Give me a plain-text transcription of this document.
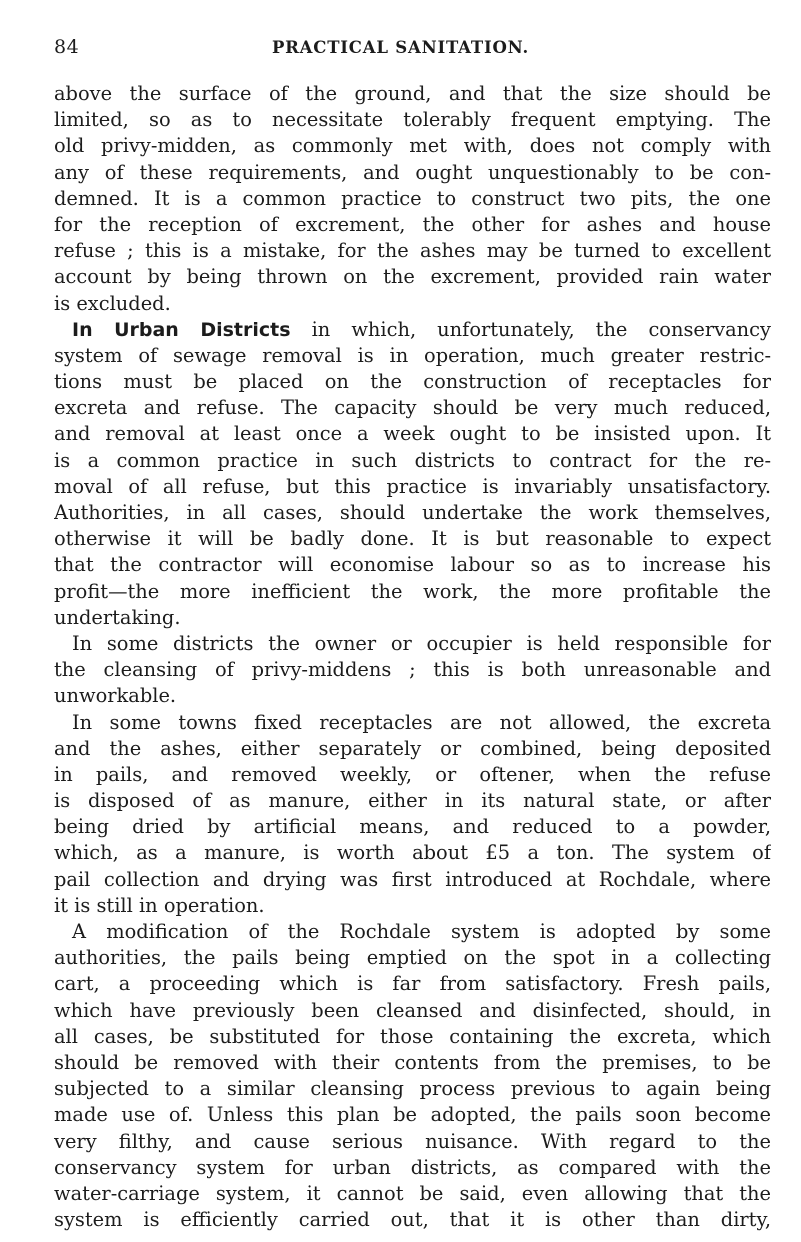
84	PRACTICAL SANITATION.
above the surface of the ground, and that the size should be
limited, so as to necessitate tolerably frequent emptying. The
old privy-midden, as commonly met with, does not comply with
any of these requirements, and ought unquestionably to be con-
demned. It is a common practice to construct two pits, the one
for the reception of excrement, the other for ashes and house
refuse ; this is a mistake, for the ashes may be turned to excellent
account by being thrown on the excrement, provided rain water
is excluded.
In Urban Districts in which, unfortunately, the conservancy
system of sewage removal is in operation, much greater restric-
tions must be placed on the construction of receptacles for
excreta and refuse. The capacity should be very much reduced,
and removal at least once a week ought to be insisted upon. It
is a common practice in such districts to contract for the re-
moval of all refuse, but this practice is invariably unsatisfactory.
Authorities, in all cases, should undertake the work themselves,
otherwise it will be badly done. It is but reasonable to expect
that the contractor will economise labour so as to increase his
profit—the more inefficient the work, the more profitable the
undertaking.
In some districts the owner or occupier is held responsible for
the cleansing of privy-middens ; this is both unreasonable and
unworkable.
In some towns fixed receptacles are not allowed, the excreta
and the ashes, either separately or combined, being deposited
in pails, and removed weekly, or oftener, when the refuse
is disposed of as manure, either in its natural state, or after
being dried by artificial means, and reduced to a powder,
which, as a manure, is worth about £5 a ton. The system of
pail collection and drying was first introduced at Rochdale, where
it is still in operation.
A modification of the Rochdale system is adopted by some
authorities, the pails being emptied on the spot in a collecting
cart, a proceeding which is far from satisfactory. Fresh pails,
which have previously been cleansed and disinfected, should, in
all cases, be substituted for those containing the excreta, which
should be removed with their contents from the premises, to be
subjected to a similar cleansing process previous to again being
made use of. Unless this plan be adopted, the pails soon become
very filthy, and cause serious nuisance. With regard to the
conservancy system for urban districts, as compared with the
water-carriage system, it cannot be said, even allowing that the
system is efficiently carried out, that it is other than dirty,
